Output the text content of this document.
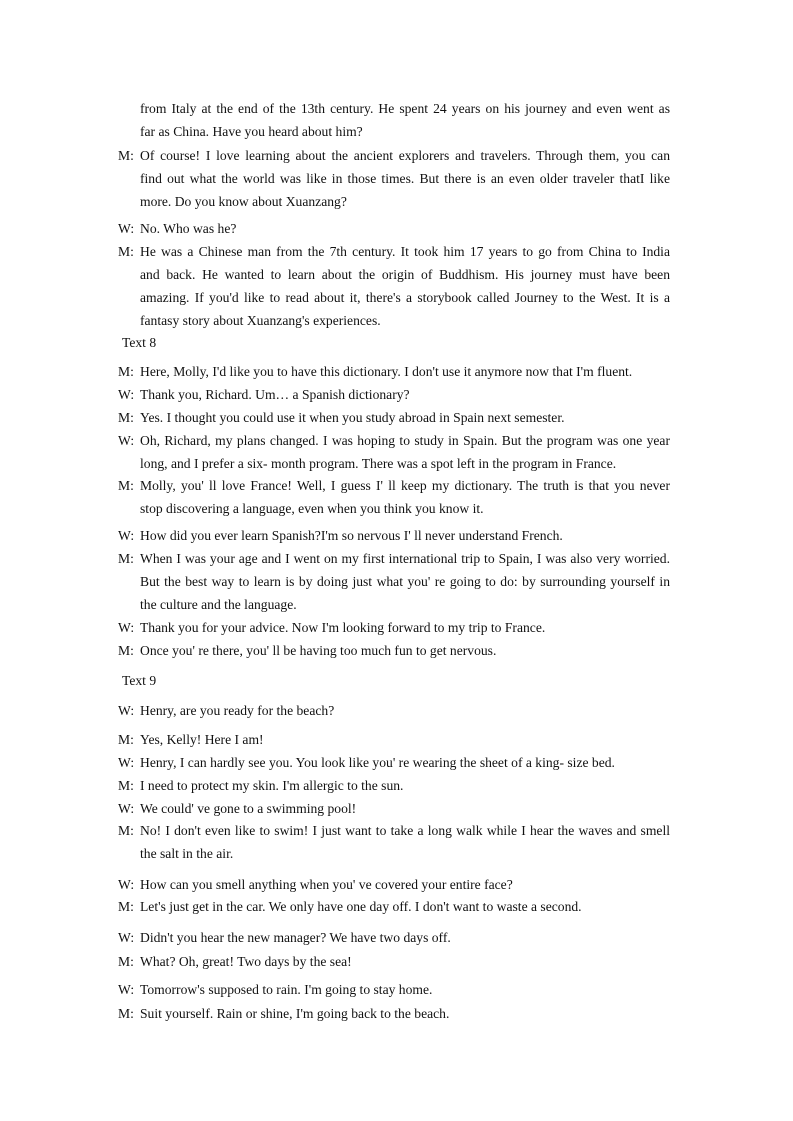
from Italy at the end of the 13th century. He spent 24 years on his journey and even went as
far as China. Have you heard about him?
M: Of course! I love learning about the ancient explorers and travelers. Through them, you can
find out what the world was like in those times. But there is an even older traveler thatI like
more. Do you know about Xuanzang?
W: No. Who was he?
M: He was a Chinese man from the 7th century. It took him 17 years to go from China to India
and back. He wanted to learn about the origin of Buddhism. His journey must have been
amazing. If you'd like to read about it, there's a storybook called Journey to the West. It is a
fantasy story about Xuanzang's experiences.
Text 8
M: Here, Molly, I'd like you to have this dictionary. I don't use it anymore now that I'm fluent.
W: Thank you, Richard. Um… a Spanish dictionary?
M: Yes. I thought you could use it when you study abroad in Spain next semester.
W: Oh, Richard, my plans changed. I was hoping to study in Spain. But the program was one year
long, and I prefer a six- month program. There was a spot left in the program in France.
M: Molly, you' ll love France! Well, I guess I' ll keep my dictionary. The truth is that you never
stop discovering a language, even when you think you know it.
W: How did you ever learn Spanish?I'm so nervous I' ll never understand French.
M: When I was your age and I went on my first international trip to Spain, I was also very worried.
But the best way to learn is by doing just what you' re going to do: by surrounding yourself in
the culture and the language.
W: Thank you for your advice. Now I'm looking forward to my trip to France.
M: Once you' re there, you' ll be having too much fun to get nervous.
Text 9
W: Henry, are you ready for the beach?
M: Yes, Kelly! Here I am!
W: Henry, I can hardly see you. You look like you' re wearing the sheet of a king- size bed.
M: I need to protect my skin. I'm allergic to the sun.
W: We could' ve gone to a swimming pool!
M: No! I don't even like to swim! I just want to take a long walk while I hear the waves and smell
the salt in the air.
W: How can you smell anything when you' ve covered your entire face?
M: Let's just get in the car. We only have one day off. I don't want to waste a second.
W: Didn't you hear the new manager? We have two days off.
M: What? Oh, great! Two days by the sea!
W: Tomorrow's supposed to rain. I'm going to stay home.
M: Suit yourself. Rain or shine, I'm going back to the beach.
